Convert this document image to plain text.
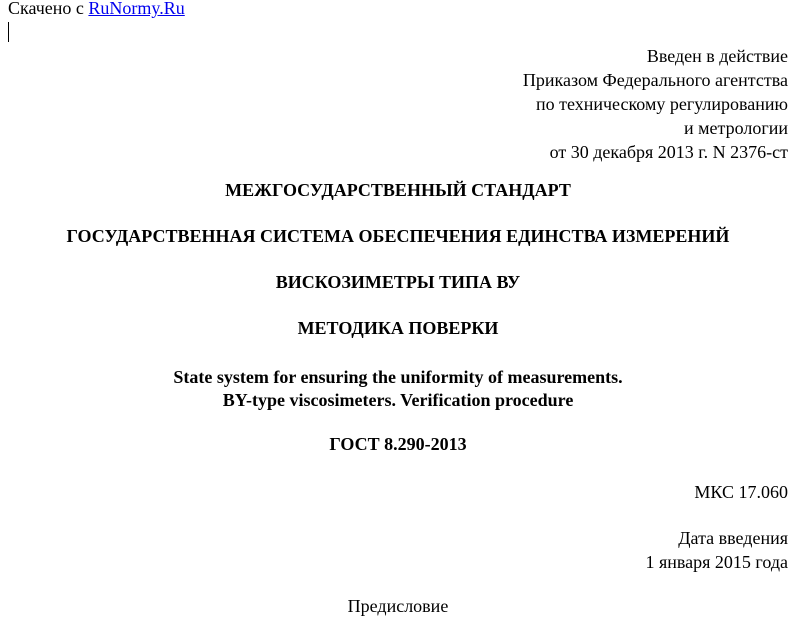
Скачено с RuNormy.Ru
Введен в действие
Приказом Федерального агентства
по техническому регулированию
и метрологии
от 30 декабря 2013 г. N 2376-ст
МЕЖГОСУДАРСТВЕННЫЙ СТАНДАРТ
ГОСУДАРСТВЕННАЯ СИСТЕМА ОБЕСПЕЧЕНИЯ ЕДИНСТВА ИЗМЕРЕНИЙ
ВИСКОЗИМЕТРЫ ТИПА ВУ
МЕТОДИКА ПОВЕРКИ
State system for ensuring the uniformity of measurements.
BY-type viscosimeters. Verification procedure
ГОСТ 8.290-2013
МКС 17.060
Дата введения
1 января 2015 года
Предисловие
